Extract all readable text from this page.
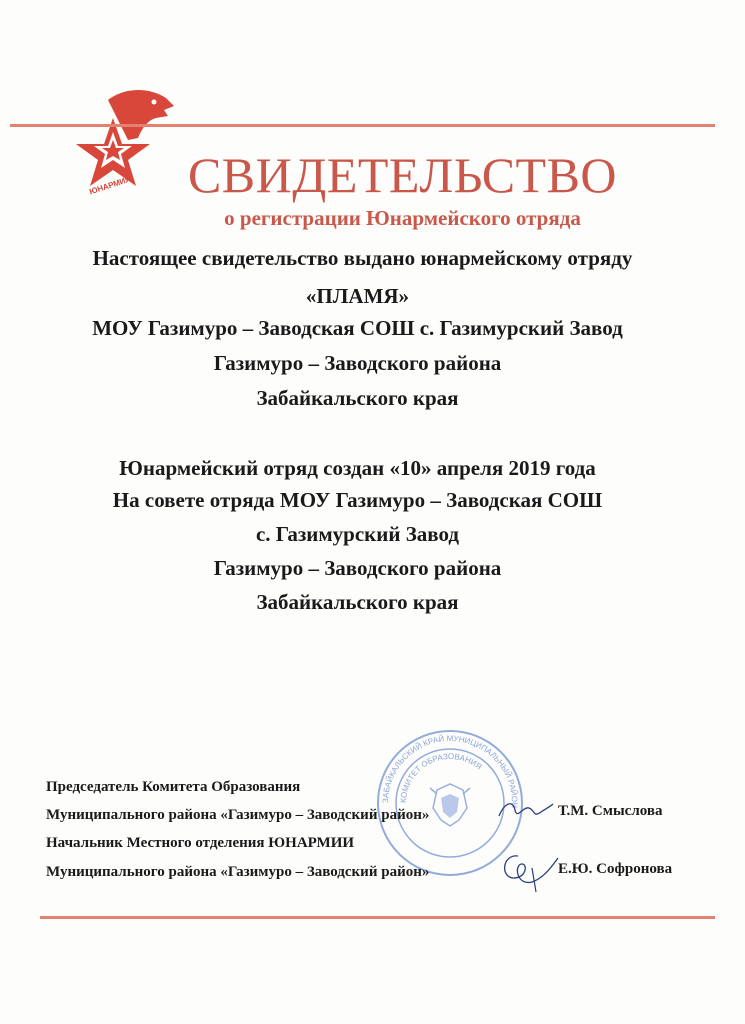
ЮНАРМИЯ	СВИДЕТЕЛЬСТВО
о регистрации Юнармейского отряда
Настоящее свидетельство выдано юнармейскому отряду
«ПЛАМЯ»
МОУ Газимуро – Заводская СОШ с. Газимурский Завод
Газимуро – Заводского района
Забайкальского края
Юнармейский отряд создан «10» апреля 2019 года
На совете отряда МОУ Газимуро – Заводская СОШ
с. Газимурский Завод
Газимуро – Заводского района
Забайкальского края
ЗАБАЙКАЛЬСКИЙ КРАЙ МУНИЦИПАЛЬНЫЙ РАЙОН
КОМИТЕТ ОБРАЗОВАНИЯ
Председатель Комитета Образования
Муниципального района «Газимуро – Заводский район»	Т.М. Смыслова
Начальник Местного отделения ЮНАРМИИ
Муниципального района «Газимуро – Заводский район»	Е.Ю. Софронова
